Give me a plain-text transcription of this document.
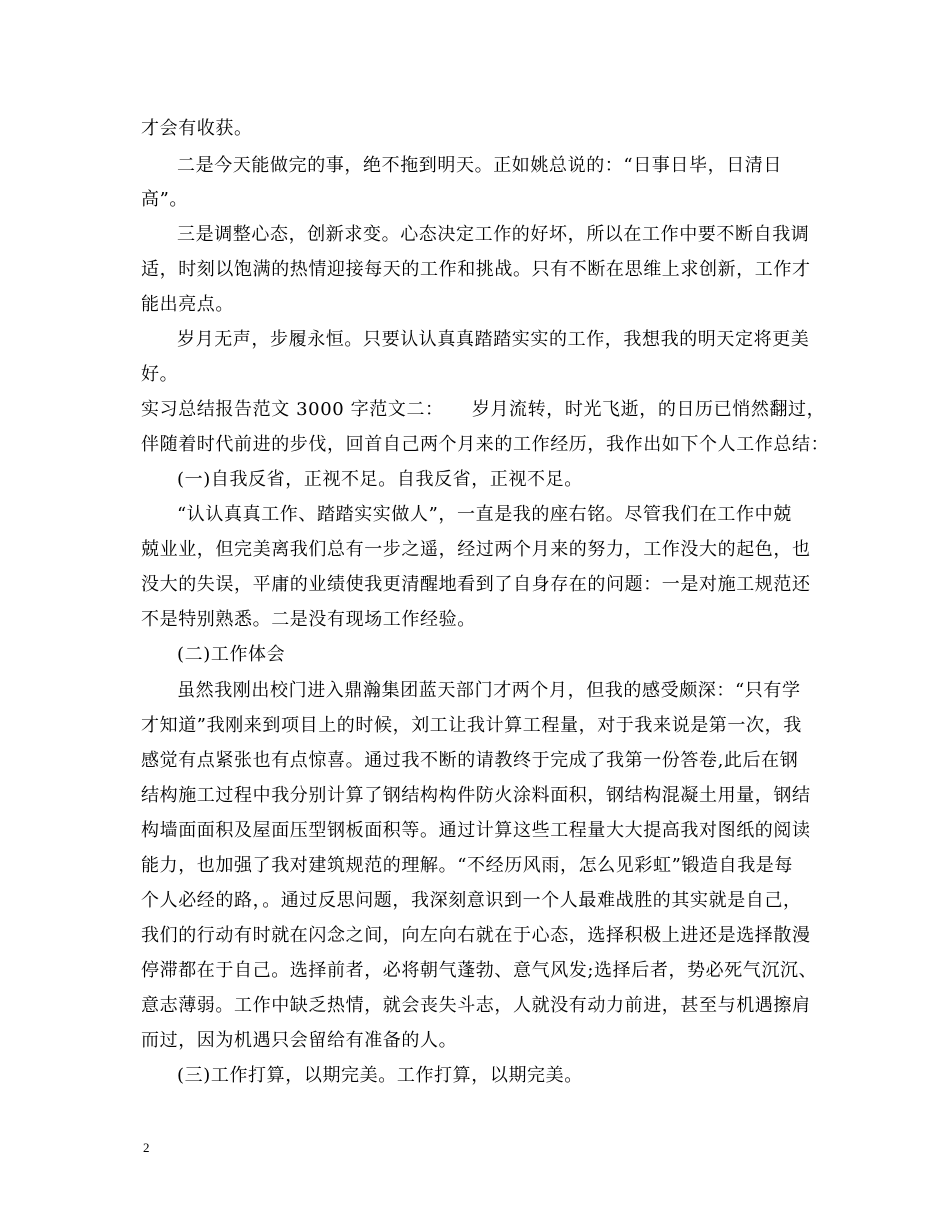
才会有收获。
二是今天能做完的事，绝不拖到明天。正如姚总说的：“日事日毕，日清日
高”。
三是调整心态，创新求变。心态决定工作的好坏，所以在工作中要不断自我调
适，时刻以饱满的热情迎接每天的工作和挑战。只有不断在思维上求创新，工作才
能出亮点。
岁月无声，步履永恒。只要认认真真踏踏实实的工作，我想我的明天定将更美
好。
实习总结报告范文 3000 字范文二：　　岁月流转，时光飞逝，的日历已悄然翻过，
伴随着时代前进的步伐，回首自己两个月来的工作经历，我作出如下个人工作总结：
(一)自我反省，正视不足。自我反省，正视不足。
“认认真真工作、踏踏实实做人”，一直是我的座右铭。尽管我们在工作中兢
兢业业，但完美离我们总有一步之遥，经过两个月来的努力，工作没大的起色，也
没大的失误，平庸的业绩使我更清醒地看到了自身存在的问题：一是对施工规范还
不是特别熟悉。二是没有现场工作经验。
(二)工作体会
虽然我刚出校门进入鼎瀚集团蓝天部门才两个月，但我的感受颇深：“只有学
才知道”我刚来到项目上的时候，刘工让我计算工程量，对于我来说是第一次，我
感觉有点紧张也有点惊喜。通过我不断的请教终于完成了我第一份答卷,此后在钢
结构施工过程中我分别计算了钢结构构件防火涂料面积，钢结构混凝土用量，钢结
构墙面面积及屋面压型钢板面积等。通过计算这些工程量大大提高我对图纸的阅读
能力，也加强了我对建筑规范的理解。“不经历风雨，怎么见彩虹”锻造自我是每
个人必经的路，。通过反思问题，我深刻意识到一个人最难战胜的其实就是自己，
我们的行动有时就在闪念之间，向左向右就在于心态，选择积极上进还是选择散漫
停滞都在于自己。选择前者，必将朝气蓬勃、意气风发;选择后者，势必死气沉沉、
意志薄弱。工作中缺乏热情，就会丧失斗志，人就没有动力前进，甚至与机遇擦肩
而过，因为机遇只会留给有准备的人。
(三)工作打算，以期完美。工作打算，以期完美。
2
